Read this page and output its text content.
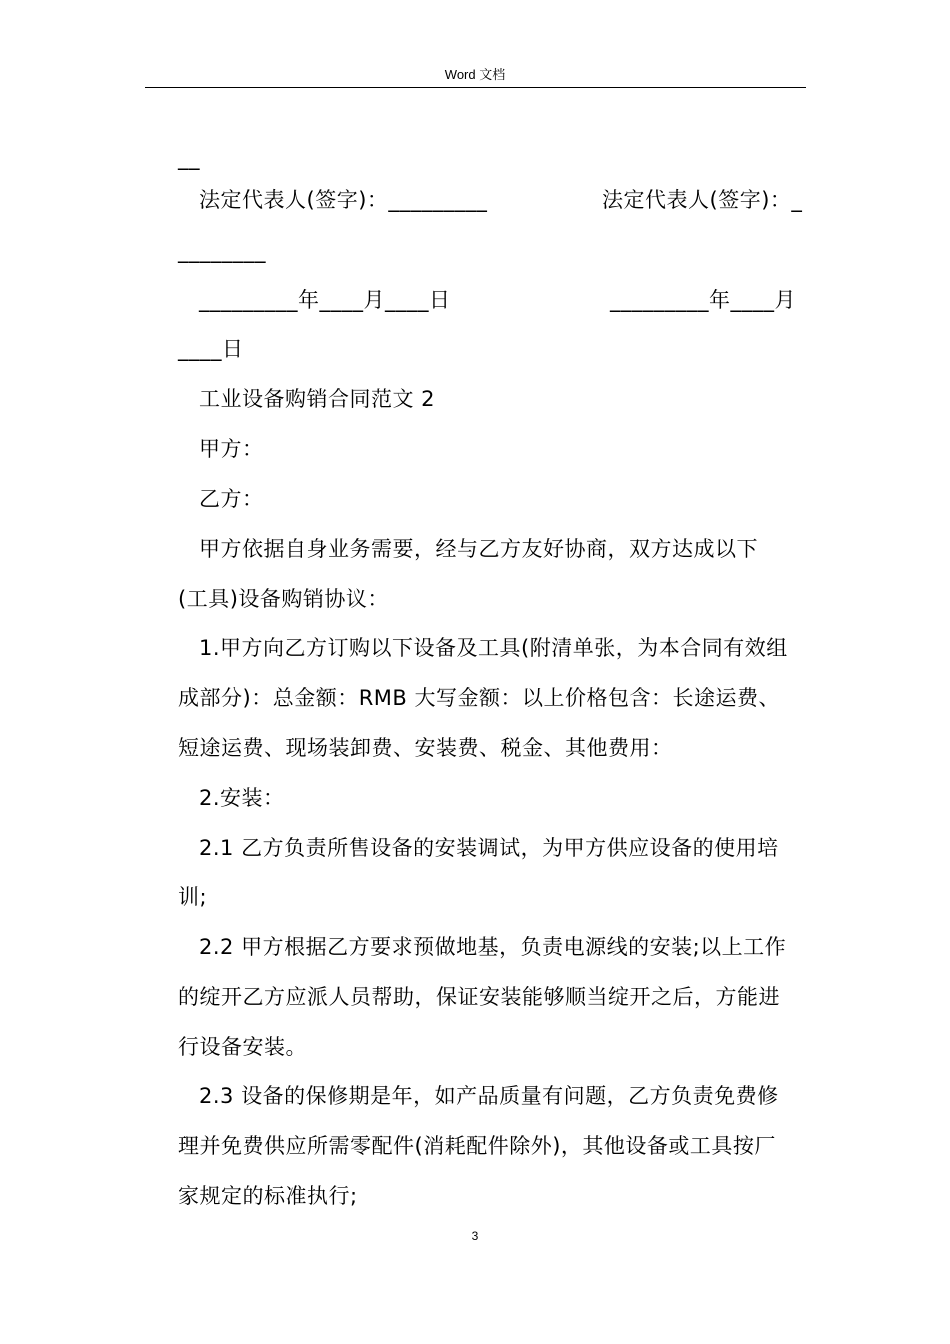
Word 文档
__
法定代表人(签字)：_________	法定代表人(签字)：_
________
_________年____月____日	_________年____月
____日
工业设备购销合同范文 2
甲方：
乙方：
甲方依据自身业务需要，经与乙方友好协商，双方达成以下
(工具)设备购销协议：
1.甲方向乙方订购以下设备及工具(附清单张，为本合同有效组
成部分)：总金额：RMB 大写金额：以上价格包含：长途运费、
短途运费、现场装卸费、安装费、税金、其他费用：
2.安装：
2.1 乙方负责所售设备的安装调试，为甲方供应设备的使用培
训;
2.2 甲方根据乙方要求预做地基，负责电源线的安装;以上工作
的绽开乙方应派人员帮助，保证安装能够顺当绽开之后，方能进
行设备安装。
2.3 设备的保修期是年，如产品质量有问题，乙方负责免费修
理并免费供应所需零配件(消耗配件除外)，其他设备或工具按厂
家规定的标准执行;
3
